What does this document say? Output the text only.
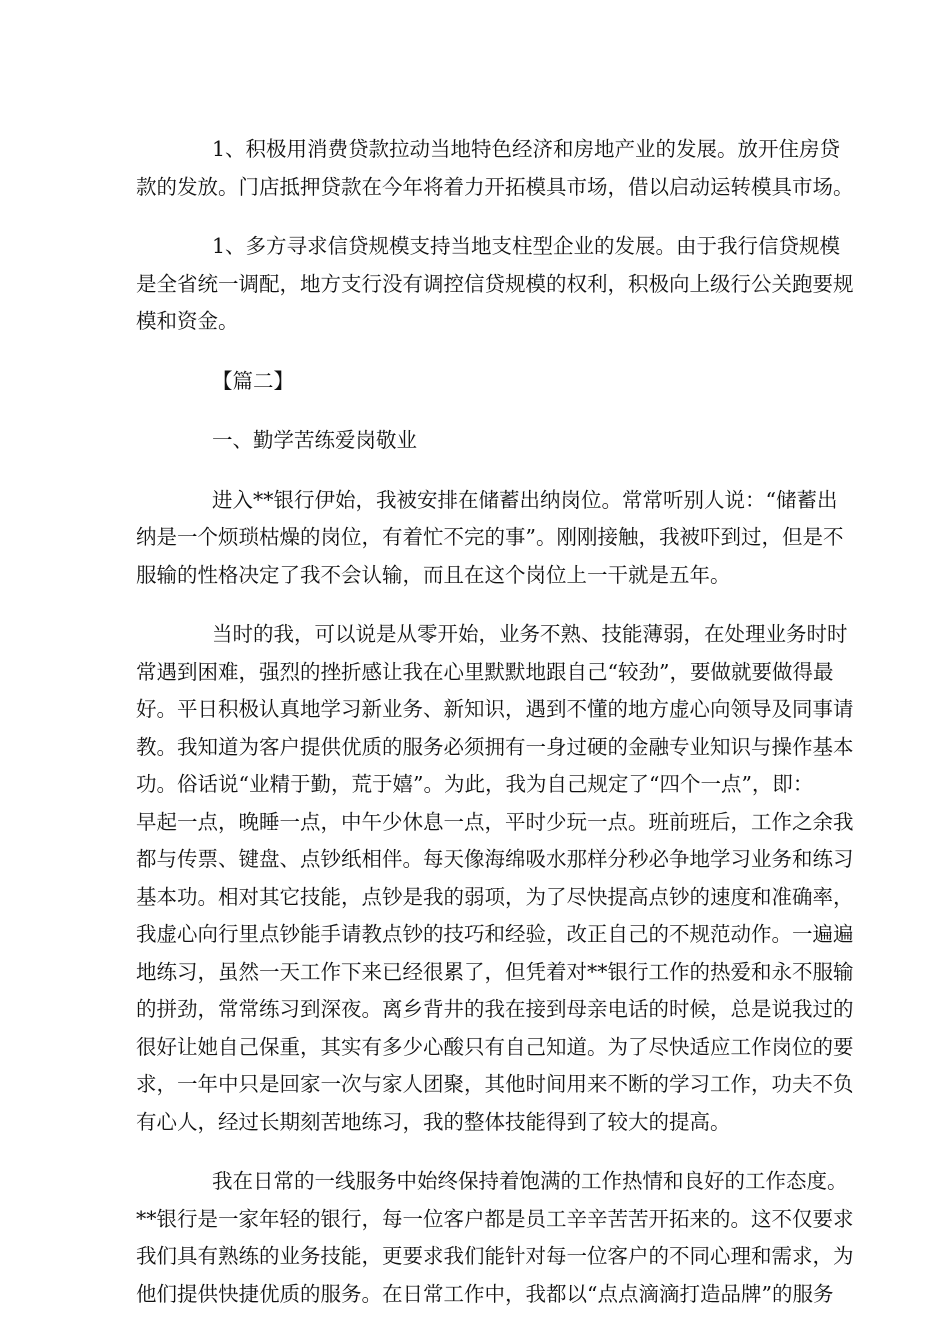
1、积极用消费贷款拉动当地特色经济和房地产业的发展。放开住房贷
款的发放。门店抵押贷款在今年将着力开拓模具市场，借以启动运转模具市场。

1、多方寻求信贷规模支持当地支柱型企业的发展。由于我行信贷规模
是全省统一调配，地方支行没有调控信贷规模的权利，积极向上级行公关跑要规
模和资金。

【篇二】

一、勤学苦练爱岗敬业

进入**银行伊始，我被安排在储蓄出纳岗位。常常听别人说：“储蓄出
纳是一个烦琐枯燥的岗位，有着忙不完的事”。刚刚接触，我被吓到过，但是不
服输的性格决定了我不会认输，而且在这个岗位上一干就是五年。

当时的我，可以说是从零开始，业务不熟、技能薄弱，在处理业务时时
常遇到困难，强烈的挫折感让我在心里默默地跟自己“较劲”，要做就要做得最
好。平日积极认真地学习新业务、新知识，遇到不懂的地方虚心向领导及同事请
教。我知道为客户提供优质的服务必须拥有一身过硬的金融专业知识与操作基本
功。俗话说“业精于勤，荒于嬉”。为此，我为自己规定了“四个一点”，即：
早起一点，晚睡一点，中午少休息一点，平时少玩一点。班前班后，工作之余我
都与传票、键盘、点钞纸相伴。每天像海绵吸水那样分秒必争地学习业务和练习
基本功。相对其它技能，点钞是我的弱项，为了尽快提高点钞的速度和准确率，
我虚心向行里点钞能手请教点钞的技巧和经验，改正自己的不规范动作。一遍遍
地练习，虽然一天工作下来已经很累了，但凭着对**银行工作的热爱和永不服输
的拼劲，常常练习到深夜。离乡背井的我在接到母亲电话的时候，总是说我过的
很好让她自己保重，其实有多少心酸只有自己知道。为了尽快适应工作岗位的要
求，一年中只是回家一次与家人团聚，其他时间用来不断的学习工作，功夫不负
有心人，经过长期刻苦地练习，我的整体技能得到了较大的提高。

我在日常的一线服务中始终保持着饱满的工作热情和良好的工作态度。
**银行是一家年轻的银行，每一位客户都是员工辛辛苦苦开拓来的。这不仅要求
我们具有熟练的业务技能，更要求我们能针对每一位客户的不同心理和需求，为
他们提供快捷优质的服务。在日常工作中，我都以“点点滴滴打造品牌”的服务
